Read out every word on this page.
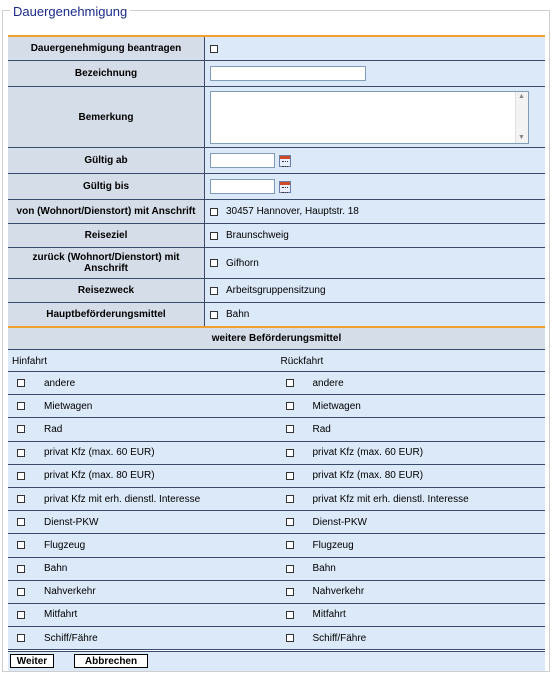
Dauergenehmigung
Dauergenehmigung beantragen
Bezeichnung
Bemerkung
▲
▼
Gültig ab
Gültig bis
von (Wohnort/Dienstort) mit Anschrift	30457 Hannover, Hauptstr. 18
Reiseziel	Braunschweig
zurück (Wohnort/Dienstort) mit Anschrift	Gifhorn
Reisezweck	Arbeitsgruppensitzung
Hauptbeförderungsmittel	Bahn
weitere Beförderungsmittel
Hinfahrt	Rückfahrt
andere	andere
Mietwagen	Mietwagen
Rad	Rad
privat Kfz (max. 60 EUR)	privat Kfz (max. 60 EUR)
privat Kfz (max. 80 EUR)	privat Kfz (max. 80 EUR)
privat Kfz mit erh. dienstl. Interesse	privat Kfz mit erh. dienstl. Interesse
Dienst-PKW	Dienst-PKW
Flugzeug	Flugzeug
Bahn	Bahn
Nahverkehr	Nahverkehr
Mitfahrt	Mitfahrt
Schiff/Fähre	Schiff/Fähre
Weiter	Abbrechen
